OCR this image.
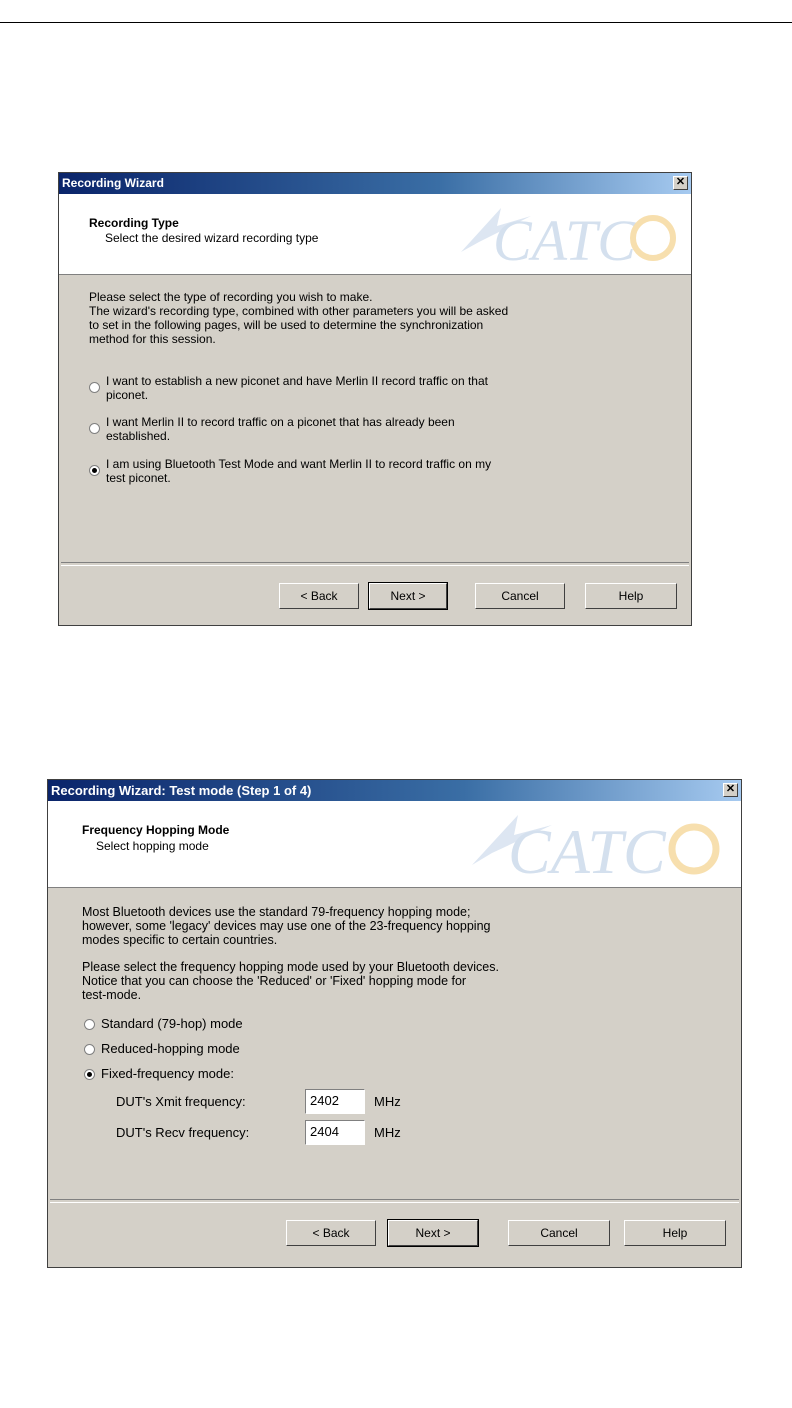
Recording Wizard	✕
Recording Type
Select the desired wizard recording type	CATC
Please select the type of recording you wish to make.
The wizard's recording type, combined with other parameters you will be asked
to set in the following pages, will be used to determine the synchronization
method for this session.
I want to establish a new piconet and have Merlin II record traffic on that
piconet.
I want Merlin II to record traffic on a piconet that has already been
established.
I am using Bluetooth Test Mode and want Merlin II to record traffic on my
test piconet.
< Back	Next >	Cancel	Help
Recording Wizard: Test mode (Step 1 of 4)	✕
Frequency Hopping Mode
Select hopping mode	CATC
Most Bluetooth devices use the standard 79-frequency hopping mode;
however, some 'legacy' devices may use one of the 23-frequency hopping
modes specific to certain countries.
Please select the frequency hopping mode used by your Bluetooth devices.
Notice that you can choose the 'Reduced' or 'Fixed' hopping mode for
test-mode.
Standard (79-hop) mode
Reduced-hopping mode
Fixed-frequency mode:
DUT's Xmit frequency:	2402	MHz
DUT's Recv frequency:	2404	MHz
< Back	Next >	Cancel	Help
